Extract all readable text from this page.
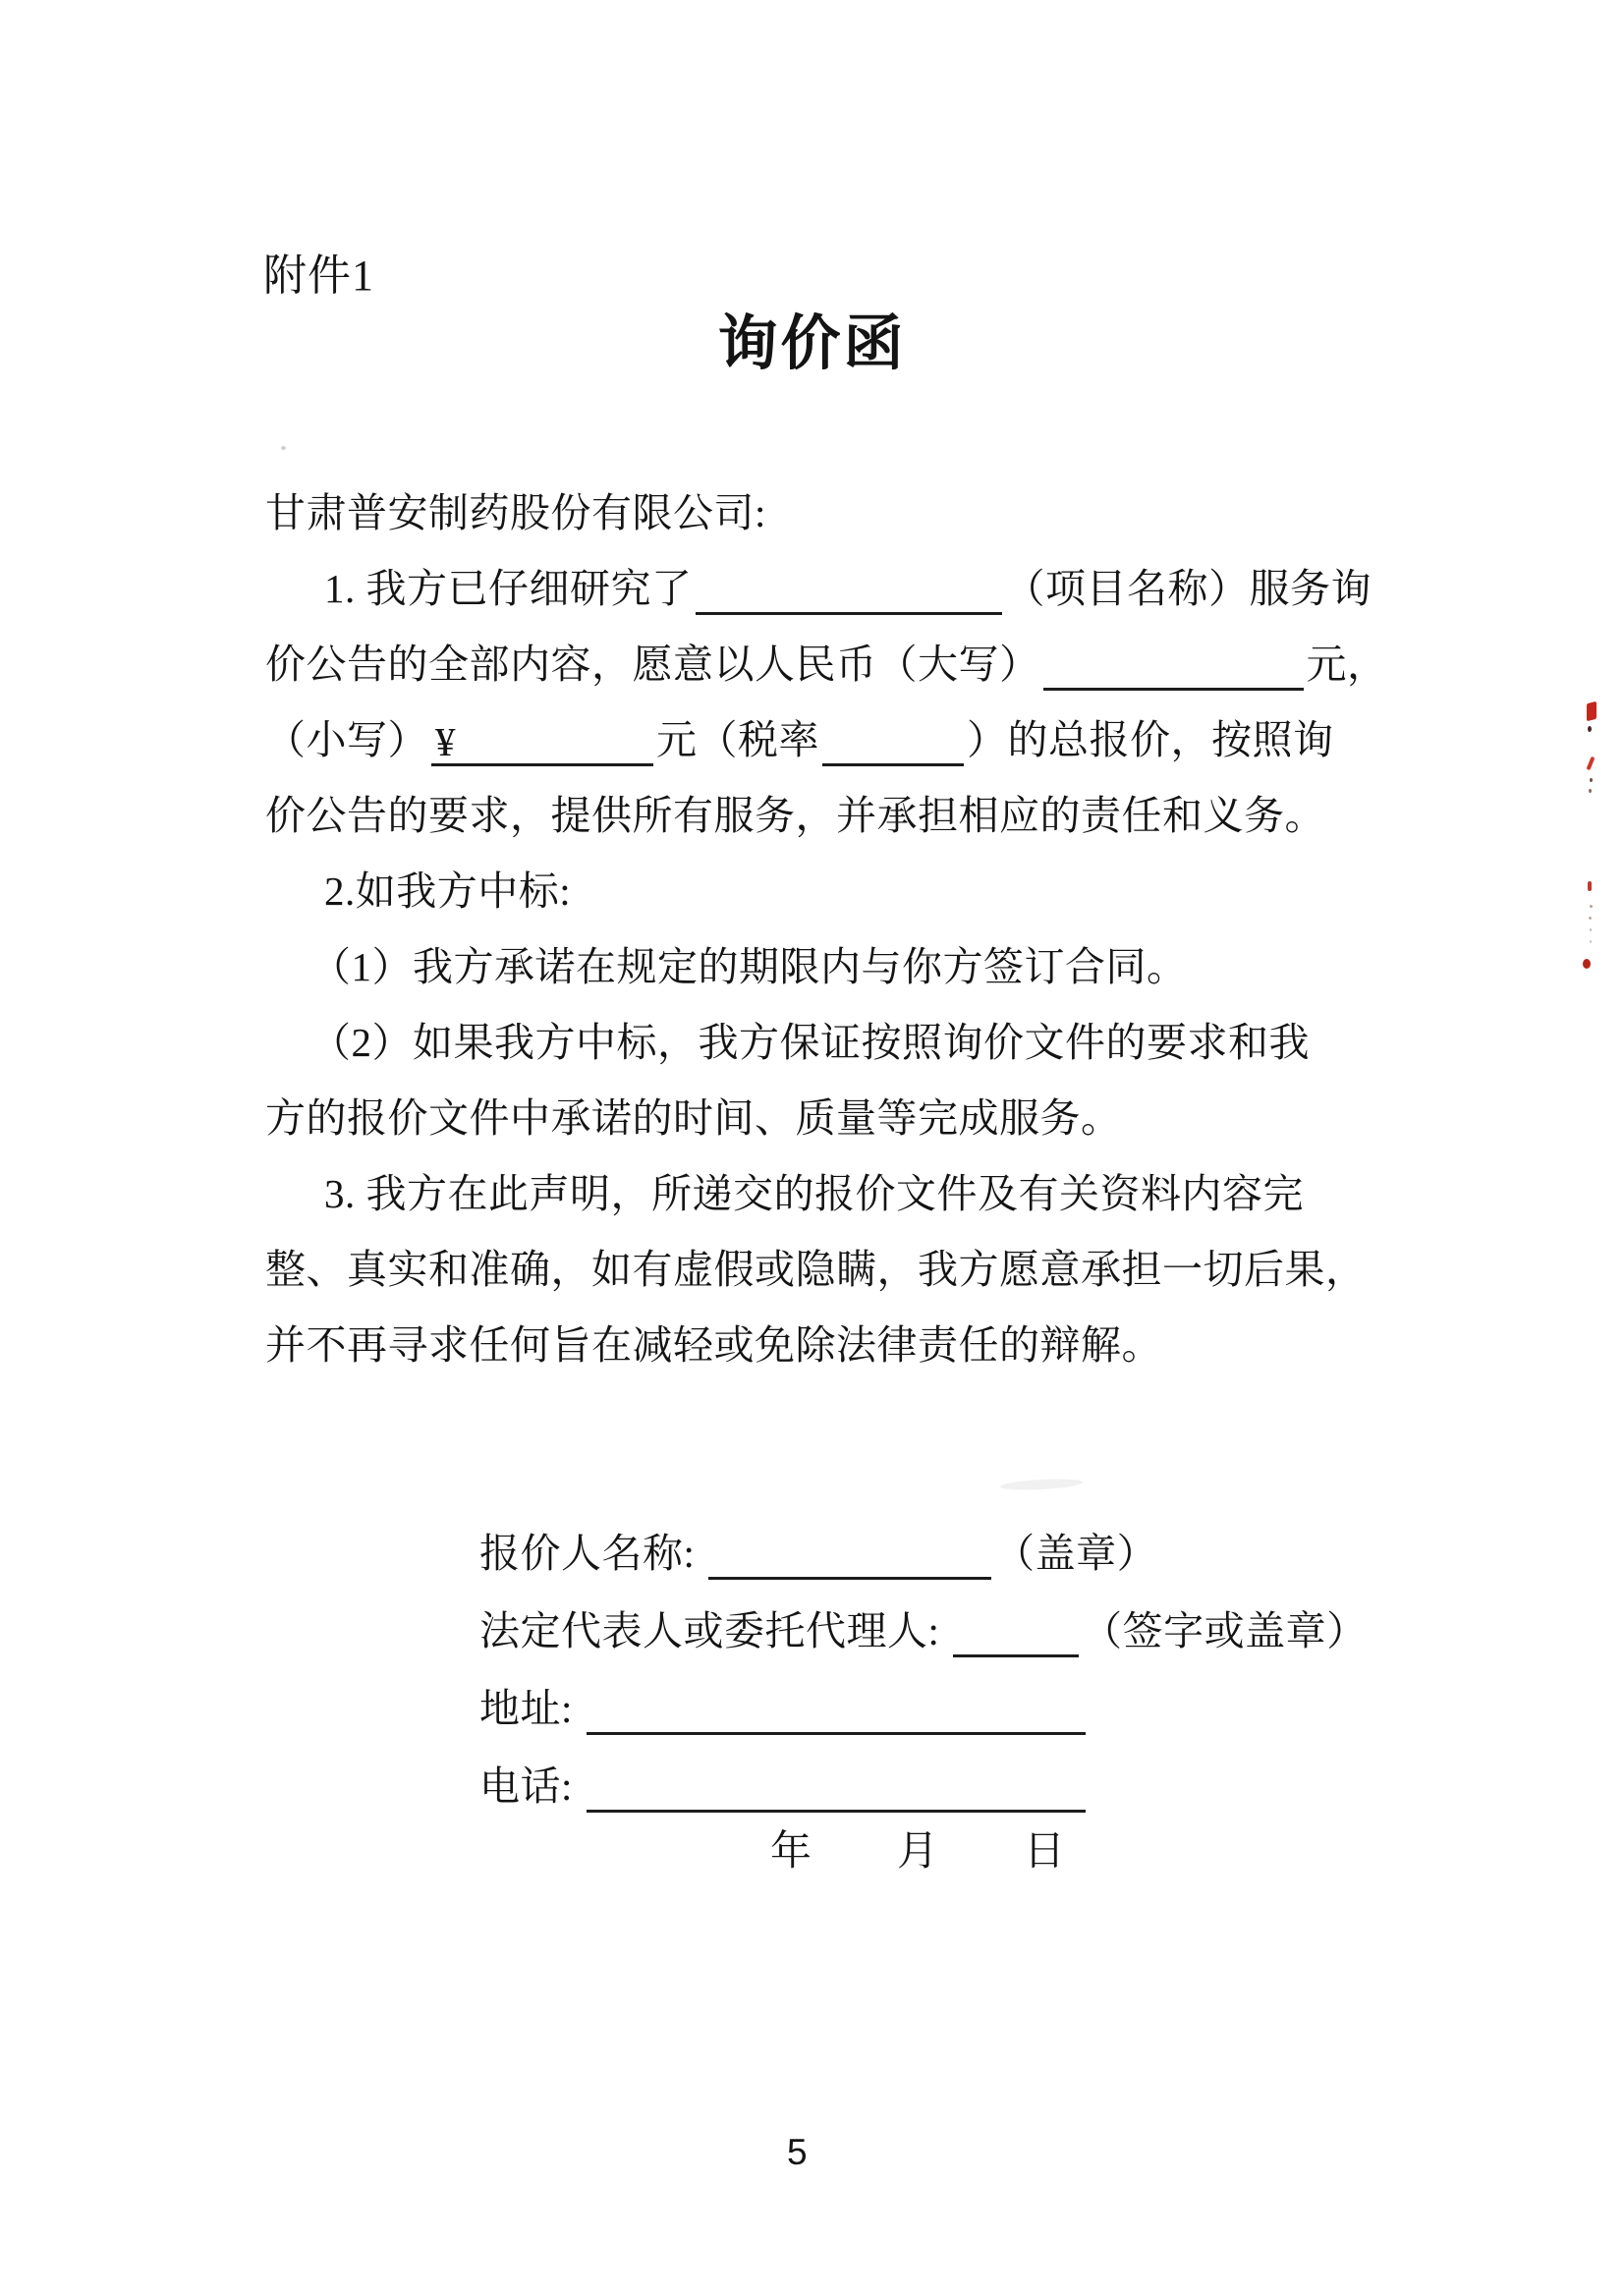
附件1
询价函
年　　月　　日
5
甘肃普安制药股份有限公司:
1. 我方已仔细研究了	（项目名称）服务询
价公告的全部内容，愿意以人民币（大写）	元，
（小写） ¥	元（税率	）的总报价，按照询
价公告的要求，提供所有服务，并承担相应的责任和义务。
2.如我方中标:
（1）我方承诺在规定的期限内与你方签订合同。
（2）如果我方中标，我方保证按照询价文件的要求和我
方的报价文件中承诺的时间、质量等完成服务。
3. 我方在此声明，所递交的报价文件及有关资料内容完
整、真实和准确，如有虚假或隐瞒，我方愿意承担一切后果，
并不再寻求任何旨在减轻或免除法律责任的辩解。
报价人名称:	（盖章）
法定代表人或委托代理人:	（签字或盖章）
地址:
电话:
